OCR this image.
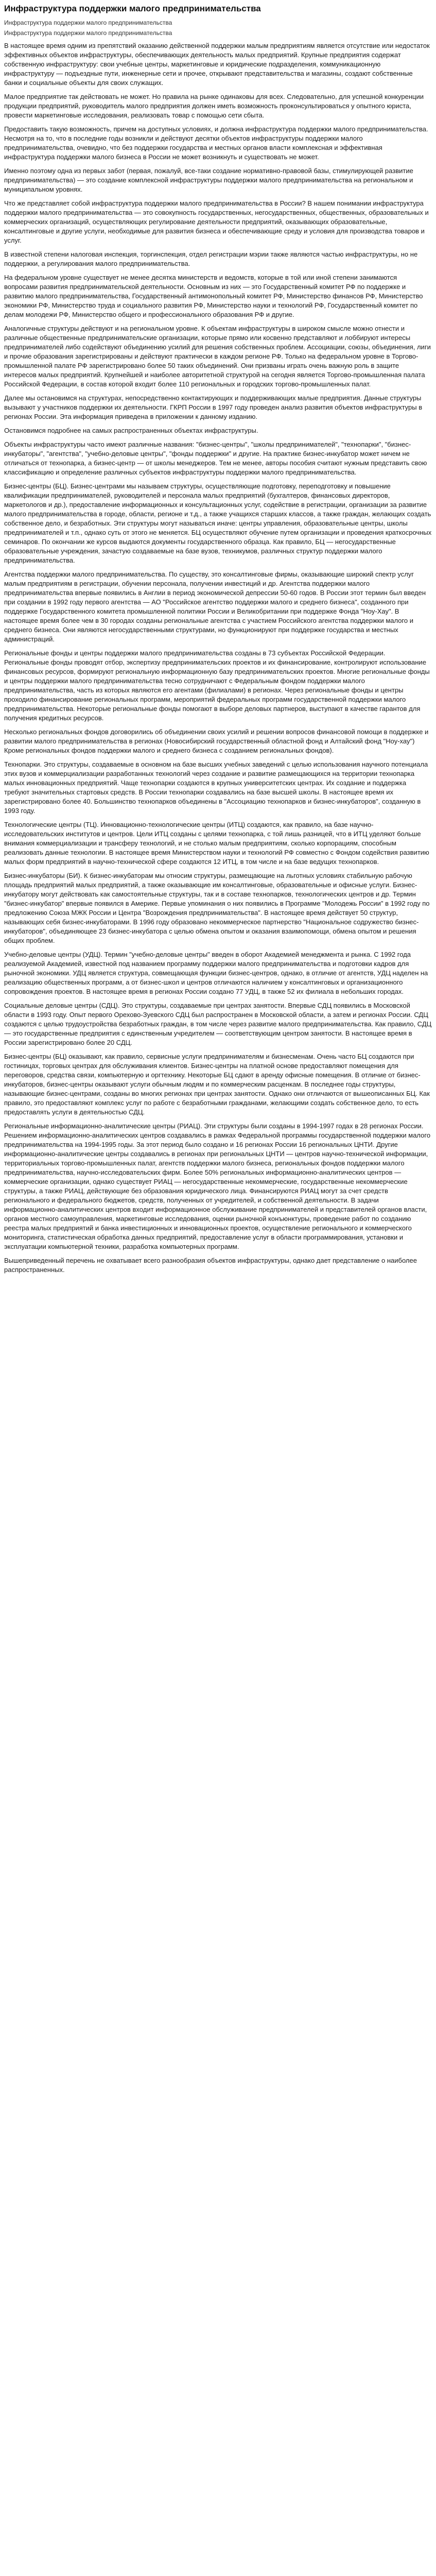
Инфраструктура поддержки малого предпринимательства
Инфраструктура поддержки малого предпринимательства
Инфраструктура поддержки малого предпринимательства

В настоящее время одним из препятствий оказанию действенной поддержки малым предприятиям является отсутствие или недостаток эффективных объектов инфраструктуры, обеспечивающих деятельность малых предприятий. Крупные предприятия содержат собственную инфраструктуру: свои учебные центры, маркетинговые и юридические подразделения, коммуникационную инфраструктуру — подъездные пути, инженерные сети и прочее, открывают представительства и магазины, создают собственные банки и социальные объекты для своих служащих.

Малое предприятие так действовать не может. Но правила на рынке одинаковы для всех. Следовательно, для успешной конкуренции продукции предприятий, руководитель малого предприятия должен иметь возможность проконсультироваться у опытного юриста, провести маркетинговые исследования, реализовать товар с помощью сети сбыта.

Предоставить такую возможность, причем на доступных условиях, и должна инфраструктура поддержки малого предпринимательства. Несмотря на то, что в последние годы возникли и действуют десятки объектов инфраструктуры поддержки малого предпринимательства, очевидно, что без поддержки государства и местных органов власти комплексная и эффективная инфраструктура поддержки малого бизнеса в России не может возникнуть и существовать не может.

Именно поэтому одна из первых забот (первая, пожалуй, все-таки создание нормативно-правовой базы, стимулирующей развитие предпринимательства) — это создание комплексной инфраструктуры поддержки малого предпринимательства на региональном и муниципальном уровнях.

Что же представляет собой инфраструктура поддержки малого предпринимательства в России? В нашем понимании инфраструктура поддержки малого предпринимательства — это совокупность государственных, негосударственных, общественных, образовательных и коммерческих организаций, осуществляющих регулирование деятельности предприятий, оказывающих образовательные, консалтинговые и другие услуги, необходимые для развития бизнеса и обеспечивающие среду и условия для производства товаров и услуг.

В известной степени налоговая инспекция, торгинспекция, отдел регистрации мэрии также являются частью инфраструктуры, но не поддержки, а регулирования малого предпринимательства.

На федеральном уровне существует не менее десятка министерств и ведомств, которые в той или иной степени занимаются вопросами развития предпринимательской деятельности. Основным из них — это Государственный комитет РФ по поддержке и развитию малого предпринимательства, Государственный антимонопольный комитет РФ, Министерство финансов РФ, Министерство экономики РФ, Министерство труда и социального развития РФ, Министерство науки и технологий РФ, Государственный комитет по делам молодежи РФ, Министерство общего и профессионального образования РФ и другие.

Аналогичные структуры действуют и на региональном уровне. К объектам инфраструктуры в широком смысле можно отнести и различные общественные предпринимательские организации, которые прямо или косвенно представляют и лоббируют интересы предпринимателей либо содействуют объединению усилий для решения собственных проблем. Ассоциации, союзы, объединения, лиги и прочие образования зарегистрированы и действуют практически в каждом регионе РФ. Только на федеральном уровне в Торгово-промышленной палате РФ зарегистрировано более 50 таких объединений. Они призваны играть очень важную роль в защите интересов малых предприятий. Крупнейшей и наиболее авторитетной структурой на сегодня является Торгово-промышленная палата Российской Федерации, в состав которой входит более 110 региональных и городских торгово-промышленных палат.

Далее мы остановимся на структурах, непосредственно контактирующих и поддерживающих малые предприятия. Данные структуры вызывают у участников поддержки их деятельности. ГКРП России в 1997 году проведен анализ развития объектов инфраструктуры в регионах России. Эта информация приведена в приложении к данному изданию.

Остановимся подробнее на самых распространенных объектах инфраструктуры.

Объекты инфраструктуры часто имеют различные названия: "бизнес-центры", "школы предпринимателей", "технопарки", "бизнес-инкубаторы", "агентства", "учебно-деловые центры", "фонды поддержки" и другие. На практике бизнес-инкубатор может ничем не отличаться от технопарка, а бизнес-центр — от школы менеджеров. Тем не менее, авторы пособия считают нужным представить свою классификацию и определение различных субъектов инфраструктуры поддержки малого предпринимательства.

Бизнес-центры (БЦ). Бизнес-центрами мы называем структуры, осуществляющие подготовку, переподготовку и повышение квалификации предпринимателей, руководителей и персонала малых предприятий (бухгалтеров, финансовых директоров, маркетологов и др.), предоставление информационных и консультационных услуг, содействие в регистрации, организации за развитие малого предпринимательства в городе, области, регионе и т.д., а также учащихся старших классов, а также граждан, желающих создать собственное дело, и безработных. Эти структуры могут называться иначе: центры управления, образовательные центры, школы предпринимателей и т.п., однако суть от этого не меняется. БЦ осуществляют обучение путем организации и проведения краткосрочных семинаров. По окончании же курсов выдаются документы государственного образца. Как правило, БЦ — негосударственные образовательные учреждения, зачастую создаваемые на базе вузов, техникумов, различных структур поддержки малого предпринимательства.

Агентства поддержки малого предпринимательства. По существу, это консалтинговые фирмы, оказывающие широкий спектр услуг малым предприятиям в регистрации, обучении персонала, получении инвестиций и др. Агентства поддержки малого предпринимательства впервые появились в Англии в период экономической депрессии 50-60 годов. В России этот термин был введен при создании в 1992 году первого агентства — АО "Российское агентство поддержки малого и среднего бизнеса", созданного при поддержке Государственного комитета промышленной политики России и Великобритании при поддержке Фонда "Ноу-Хау". В настоящее время более чем в 30 городах созданы региональные агентства с участием Российского агентства поддержки малого и среднего бизнеса. Они являются негосударственными структурами, но функционируют при поддержке государства и местных администраций.

Региональные фонды и центры поддержки малого предпринимательства созданы в 73 субъектах Российской Федерации. Региональные фонды проводят отбор, экспертизу предпринимательских проектов и их финансирование, контролируют использование финансовых ресурсов, формируют региональную информационную базу предпринимательских проектов. Многие региональные фонды и центры поддержки малого предпринимательства тесно сотрудничают с Федеральным фондом поддержки малого предпринимательства, часть из которых являются его агентами (филиалами) в регионах. Через региональные фонды и центры проходило финансирование региональных программ, мероприятий федеральных программ государственной поддержки малого предпринимательства. Некоторые региональные фонды помогают в выборе деловых партнеров, выступают в качестве гарантов для получения кредитных ресурсов.

Несколько региональных фондов договорились об объединении своих усилий и решении вопросов финансовой помощи в поддержке и развитии малого предпринимательства в регионах (Новосибирский государственный областной фонд и Алтайский фонд "Ноу-хау") Кроме региональных фондов поддержки малого и среднего бизнеса с созданием региональных фондов).

Технопарки. Это структуры, создаваемые в основном на базе высших учебных заведений с целью использования научного потенциала этих вузов и коммерциализации разработанных технологий через создание и развитие размещающихся на территории технопарка малых инновационных предприятий. Чаще технопарки создаются в крупных университетских центрах. Их создание и поддержка требуют значительных стартовых средств. В России технопарки создавались на базе высшей школы. В настоящее время их зарегистрировано более 40. Большинство технопарков объединены в "Ассоциацию технопарков и бизнес-инкубаторов", созданную в 1993 году.

Технологические центры (ТЦ). Инновационно-технологические центры (ИТЦ) создаются, как правило, на базе научно-исследовательских институтов и центров. Цели ИТЦ созданы с целями технопарка, с той лишь разницей, что в ИТЦ уделяют больше внимания коммерциализации и трансферу технологий, и не столько малым предприятиям, сколько корпорациям, способным реализовать данные технологии. В настоящее время Министерством науки и технологий РФ совместно с Фондом содействия развитию малых форм предприятий в научно-технической сфере создаются 12 ИТЦ, в том числе и на базе ведущих технопарков.

Бизнес-инкубаторы (БИ). К бизнес-инкубаторам мы относим структуры, размещающие на льготных условиях стабильную рабочую площадь предприятий малых предприятий, а также оказывающие им консалтинговые, образовательные и офисные услуги. Бизнес-инкубатору могут действовать как самостоятельные структуры, так и в составе технопарков, технологических центров и др. Термин "бизнес-инкубатор" впервые появился в Америке. Первые упоминания о них появились в Программе "Молодежь России" в 1992 году по предложению Союза МЖК России и Центра "Возрождения предпринимательства". В настоящее время действует 50 структур, называющих себя бизнес-инкубаторами. В 1996 году образовано некоммерческое партнерство "Национальное содружество бизнес-инкубаторов", объединяющее 23 бизнес-инкубатора с целью обмена опытом и оказания взаимопомощи, обмена опытом и решения общих проблем.

Учебно-деловые центры (УДЦ). Термин "учебно-деловые центры" введен в оборот Академией менеджмента и рынка. С 1992 года реализуемой Академией, известной под названием программу поддержки малого предпринимательства и подготовки кадров для рыночной экономики. УДЦ является структура, совмещающая функции бизнес-центров, однако, в отличие от агентств, УДЦ наделен на реализацию общественных программ, а от бизнес-школ и центров отличаются наличием у консалтинговых и организационного сопровождения проектов. В настоящее время в регионах России создано 77 УДЦ, в также 52 их филиала в небольших городах.

Социальные деловые центры (СДЦ). Это структуры, создаваемые при центрах занятости. Впервые СДЦ появились в Московской области в 1993 году. Опыт первого Орехово-Зуевского СДЦ был распространен в Московской области, а затем и регионах России. СДЦ создаются с целью трудоустройства безработных граждан, в том числе через развитие малого предпринимательства. Как правило, СДЦ — это государственные предприятия с единственным учредителем — соответствующим центром занятости. В настоящее время в России зарегистрировано более 20 СДЦ.

Бизнес-центры (БЦ) оказывают, как правило, сервисные услуги предпринимателям и бизнесменам. Очень часто БЦ создаются при гостиницах, торговых центрах для обслуживания клиентов. Бизнес-центры на платной основе предоставляют помещения для переговоров, средства связи, компьютерную и оргтехнику. Некоторые БЦ сдают в аренду офисные помещения. В отличие от бизнес-инкубаторов, бизнес-центры оказывают услуги обычным людям и по коммерческим расценкам. В последнее годы структуры, называющие бизнес-центрами, созданы во многих регионах при центрах занятости. Однако они отличаются от вышеописанных БЦ. Как правило, это предоставляют комплекс услуг по работе с безработными гражданами, желающими создать собственное дело, то есть предоставлять услуги в деятельностью СДЦ.

Региональные информационно-аналитические центры (РИАЦ). Эти структуры были созданы в 1994-1997 годах в 28 регионах России. Решением информационно-аналитических центров создавались в рамках Федеральной программы государственной поддержки малого предпринимательства на 1994-1995 годы. За этот период было создано и 16 регионах России 16 региональных ЦНТИ. Другие информационно-аналитические центры создавались в регионах при региональных ЦНТИ — центров научно-технической информации, территориальных торгово-промышленных палат, агентств поддержки малого бизнеса, региональных фондов поддержки малого предпринимательства, научно-исследовательских фирм. Более 50% региональных информационно-аналитических центров — коммерческие организации, однако существует РИАЦ — негосударственные некоммерческие, государственные некоммерческие структуры, а также РИАЦ, действующие без образования юридического лица. Финансируются РИАЦ могут за счет средств регионального и федерального бюджетов, средств, полученных от учредителей, и собственной деятельности. В задачи информационно-аналитических центров входит информационное обслуживание предпринимателей и представителей органов власти, органов местного самоуправления, маркетинговые исследования, оценки рыночной конъюнктуры, проведение работ по созданию реестра малых предприятий и банка инвестиционных и инновационных проектов, осуществление регионального и коммерческого мониторинга, статистическая обработка данных предприятий, предоставление услуг в области программирования, установки и эксплуатации компьютерной техники, разработка компьютерных программ.

Вышеприведенный перечень не охватывает всего разнообразия объектов инфраструктуры, однако дает представление о наиболее распространенных.
